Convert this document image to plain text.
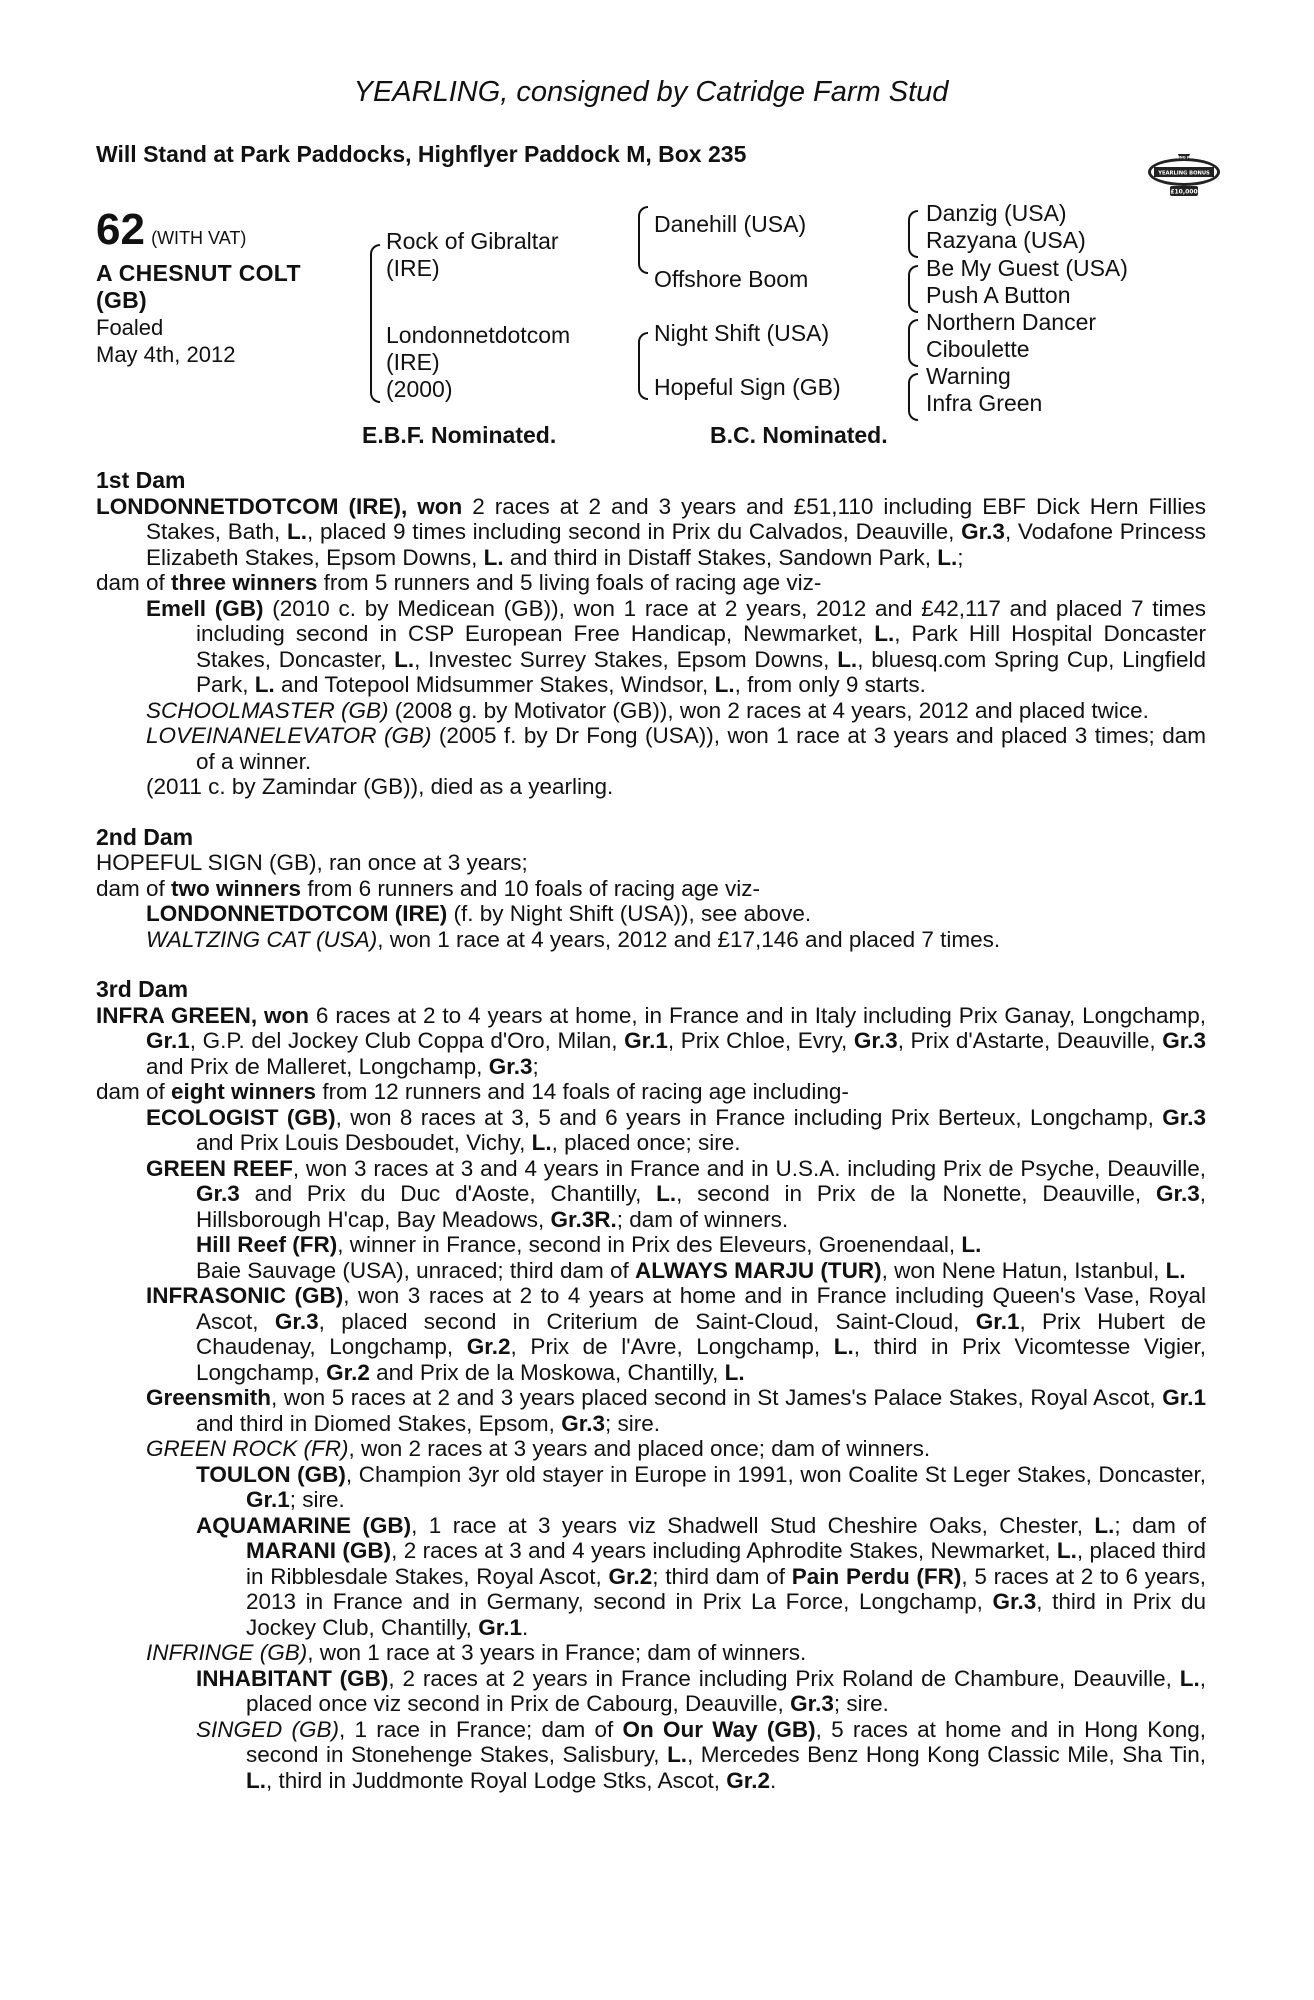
YEARLING, consigned by Catridge Farm Stud
Will Stand at Park Paddocks, Highflyer Paddock M, Box 235	RACING POST
YEARLING BONUS
£10,000
62 (WITH VAT)
A CHESNUT COLT
(GB)
Foaled
May 4th, 2012
Rock of Gibraltar
(IRE)
Londonnetdotcom
(IRE)
(2000)
Danehill (USA)
Offshore Boom
Night Shift (USA)
Hopeful Sign (GB)
Danzig (USA)
Razyana (USA)
Be My Guest (USA)
Push A Button
Northern Dancer
Ciboulette
Warning
Infra Green
E.B.F. Nominated.	B.C. Nominated.
1st Dam

LONDONNETDOTCOM (IRE), won 2 races at 2 and 3 years and £51,110 including EBF Dick Hern Fillies Stakes, Bath, L., placed 9 times including second in Prix du Calvados, Deauville, Gr.3, Vodafone Princess Elizabeth Stakes, Epsom Downs, L. and third in Distaff Stakes, Sandown Park, L.;

dam of three winners from 5 runners and 5 living foals of racing age viz-

Emell (GB) (2010 c. by Medicean (GB)), won 1 race at 2 years, 2012 and £42,117 and placed 7 times including second in CSP European Free Handicap, Newmarket, L., Park Hill Hospital Doncaster Stakes, Doncaster, L., Investec Surrey Stakes, Epsom Downs, L., bluesq.com Spring Cup, Lingfield Park, L. and Totepool Midsummer Stakes, Windsor, L., from only 9 starts.

SCHOOLMASTER (GB) (2008 g. by Motivator (GB)), won 2 races at 4 years, 2012 and placed twice.

LOVEINANELEVATOR (GB) (2005 f. by Dr Fong (USA)), won 1 race at 3 years and placed 3 times; dam of a winner.

(2011 c. by Zamindar (GB)), died as a yearling.

2nd Dam

HOPEFUL SIGN (GB), ran once at 3 years;

dam of two winners from 6 runners and 10 foals of racing age viz-

LONDONNETDOTCOM (IRE) (f. by Night Shift (USA)), see above.

WALTZING CAT (USA), won 1 race at 4 years, 2012 and £17,146 and placed 7 times.

3rd Dam

INFRA GREEN, won 6 races at 2 to 4 years at home, in France and in Italy including Prix Ganay, Longchamp, Gr.1, G.P. del Jockey Club Coppa d'Oro, Milan, Gr.1, Prix Chloe, Evry, Gr.3, Prix d'Astarte, Deauville, Gr.3 and Prix de Malleret, Longchamp, Gr.3;

dam of eight winners from 12 runners and 14 foals of racing age including-

ECOLOGIST (GB), won 8 races at 3, 5 and 6 years in France including Prix Berteux, Longchamp, Gr.3 and Prix Louis Desboudet, Vichy, L., placed once; sire.

GREEN REEF, won 3 races at 3 and 4 years in France and in U.S.A. including Prix de Psyche, Deauville, Gr.3 and Prix du Duc d'Aoste, Chantilly, L., second in Prix de la Nonette, Deauville, Gr.3, Hillsborough H'cap, Bay Meadows, Gr.3R.; dam of winners.

Hill Reef (FR), winner in France, second in Prix des Eleveurs, Groenendaal, L.

Baie Sauvage (USA), unraced; third dam of ALWAYS MARJU (TUR), won Nene Hatun, Istanbul, L.

INFRASONIC (GB), won 3 races at 2 to 4 years at home and in France including Queen's Vase, Royal Ascot, Gr.3, placed second in Criterium de Saint-Cloud, Saint-Cloud, Gr.1, Prix Hubert de Chaudenay, Longchamp, Gr.2, Prix de l'Avre, Longchamp, L., third in Prix Vicomtesse Vigier, Longchamp, Gr.2 and Prix de la Moskowa, Chantilly, L.

Greensmith, won 5 races at 2 and 3 years placed second in St James's Palace Stakes, Royal Ascot, Gr.1 and third in Diomed Stakes, Epsom, Gr.3; sire.

GREEN ROCK (FR), won 2 races at 3 years and placed once; dam of winners.

TOULON (GB), Champion 3yr old stayer in Europe in 1991, won Coalite St Leger Stakes, Doncaster, Gr.1; sire.

AQUAMARINE (GB), 1 race at 3 years viz Shadwell Stud Cheshire Oaks, Chester, L.; dam of MARANI (GB), 2 races at 3 and 4 years including Aphrodite Stakes, Newmarket, L., placed third in Ribblesdale Stakes, Royal Ascot, Gr.2; third dam of Pain Perdu (FR), 5 races at 2 to 6 years, 2013 in France and in Germany, second in Prix La Force, Longchamp, Gr.3, third in Prix du Jockey Club, Chantilly, Gr.1.

INFRINGE (GB), won 1 race at 3 years in France; dam of winners.

INHABITANT (GB), 2 races at 2 years in France including Prix Roland de Chambure, Deauville, L., placed once viz second in Prix de Cabourg, Deauville, Gr.3; sire.

SINGED (GB), 1 race in France; dam of On Our Way (GB), 5 races at home and in Hong Kong, second in Stonehenge Stakes, Salisbury, L., Mercedes Benz Hong Kong Classic Mile, Sha Tin, L., third in Juddmonte Royal Lodge Stks, Ascot, Gr.2.
